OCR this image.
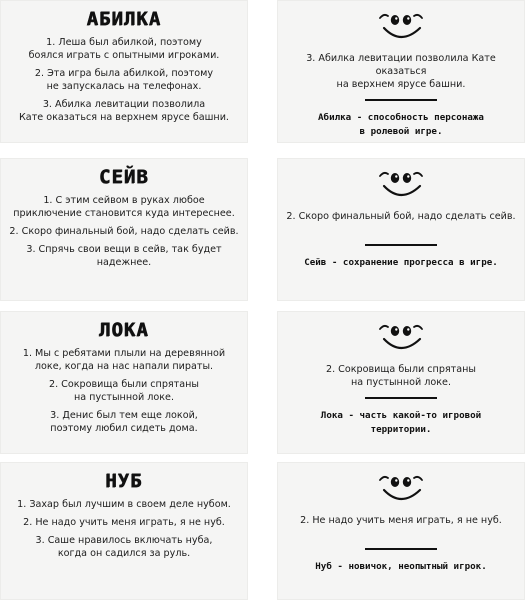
АБИЛКА
1. Леша был абилкой, поэтому
боялся играть с опытными игроками.
2. Эта игра была абилкой, поэтому
не запускалась на телефонах.
3. Абилка левитации позволила
Кате оказаться на верхнем ярусе башни.
3. Абилка левитации позволила Кате оказаться
на верхнем ярусе башни.
Абилка - способность персонажа
в ролевой игре.
СЕЙВ
1. С этим сейвом в руках любое
приключение становится куда интереснее.
2. Скоро финальный бой, надо сделать сейв.
3. Спрячь свои вещи в сейв, так будет надежнее.
2. Скоро финальный бой, надо сделать сейв.
Сейв - сохранение прогресса в игре.
ЛОКА
1. Мы с ребятами плыли на деревянной
локе, когда на нас напали пираты.
2. Сокровища были спрятаны
на пустынной локе.
3. Денис был тем еще локой,
поэтому любил сидеть дома.
2. Сокровища были спрятаны
на пустынной локе.
Лока - часть какой-то игровой
территории.
НУБ
1. Захар был лучшим в своем деле нубом.
2. Не надо учить меня играть, я не нуб.
3. Саше нравилось включать нуба,
когда он садился за руль.
2. Не надо учить меня играть, я не нуб.
Нуб - новичок, неопытный игрок.
